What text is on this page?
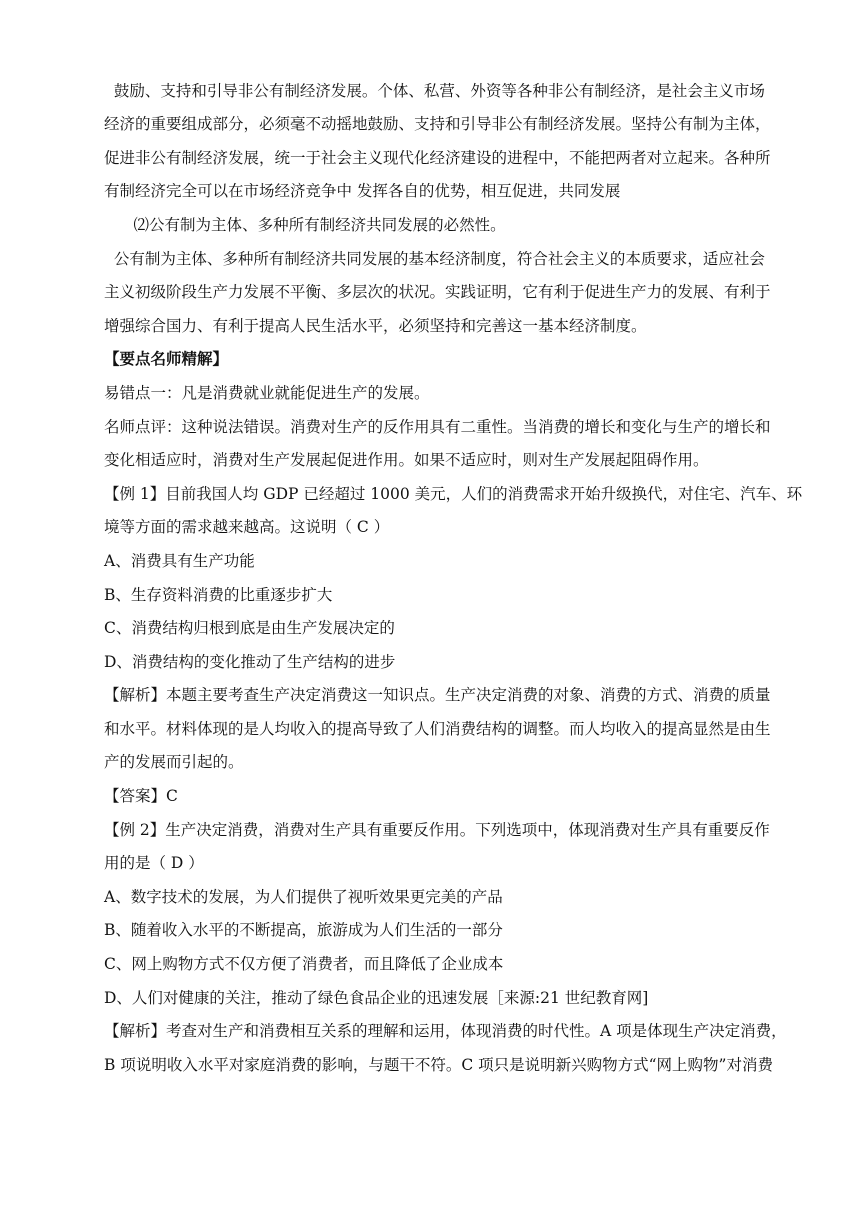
鼓励、支持和引导非公有制经济发展。个体、私营、外资等各种非公有制经济，是社会主义市场
经济的重要组成部分，必须毫不动摇地鼓励、支持和引导非公有制经济发展。坚持公有制为主体，
促进非公有制经济发展，统一于社会主义现代化经济建设的进程中，不能把两者对立起来。各种所
有制经济完全可以在市场经济竞争中 发挥各自的优势，相互促进，共同发展
⑵公有制为主体、多种所有制经济共同发展的必然性。
公有制为主体、多种所有制经济共同发展的基本经济制度，符合社会主义的本质要求，适应社会
主义初级阶段生产力发展不平衡、多层次的状况。实践证明，它有利于促进生产力的发展、有利于
增强综合国力、有利于提高人民生活水平，必须坚持和完善这一基本经济制度。
【要点名师精解】
易错点一：凡是消费就业就能促进生产的发展。
名师点评：这种说法错误。消费对生产的反作用具有二重性。当消费的增长和变化与生产的增长和
变化相适应时，消费对生产发展起促进作用。如果不适应时，则对生产发展起阻碍作用。
【例 1】目前我国人均 GDP 已经超过 1000 美元，人们的消费需求开始升级换代，对住宅、汽车、环
境等方面的需求越来越高。这说明（ C ）
A、消费具有生产功能
B、生存资料消费的比重逐步扩大
C、消费结构归根到底是由生产发展决定的
D、消费结构的变化推动了生产结构的进步
【解析】本题主要考查生产决定消费这一知识点。生产决定消费的对象、消费的方式、消费的质量
和水平。材料体现的是人均收入的提高导致了人们消费结构的调整。而人均收入的提高显然是由生
产的发展而引起的。
【答案】C
【例 2】生产决定消费，消费对生产具有重要反作用。下列选项中，体现消费对生产具有重要反作
用的是（ D ）
A、数字技术的发展，为人们提供了视听效果更完美的产品
B、随着收入水平的不断提高，旅游成为人们生活的一部分
C、网上购物方式不仅方便了消费者，而且降低了企业成本
D、人们对健康的关注，推动了绿色食品企业的迅速发展［来源:21 世纪教育网]
【解析】考查对生产和消费相互关系的理解和运用，体现消费的时代性。A 项是体现生产决定消费，
B 项说明收入水平对家庭消费的影响，与题干不符。C 项只是说明新兴购物方式“网上购物”对消费
